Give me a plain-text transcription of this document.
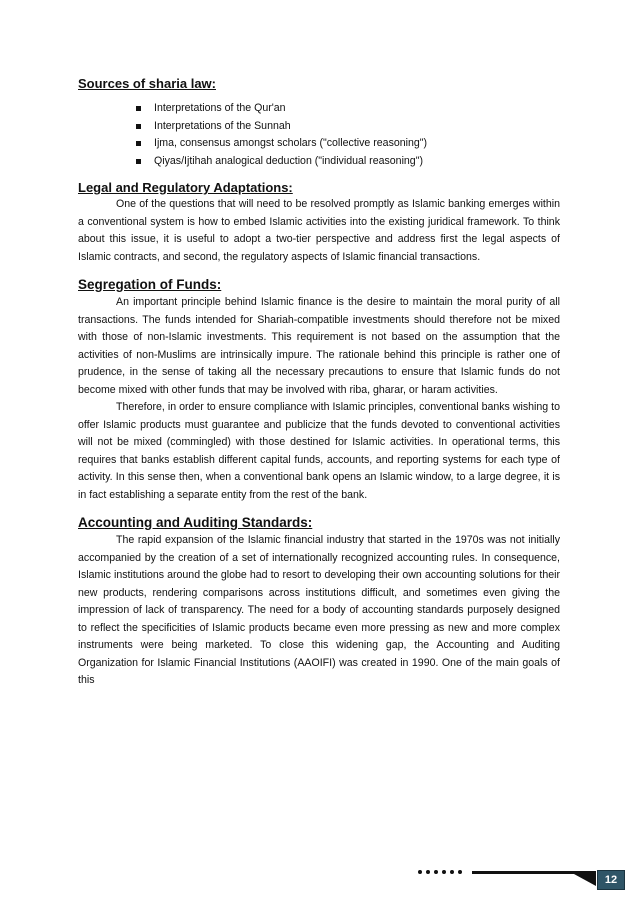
Sources of sharia law:
Interpretations of the Qur'an
Interpretations of the Sunnah
Ijma, consensus amongst scholars ("collective reasoning")
Qiyas/Ijtihah analogical deduction ("individual reasoning")
Legal and Regulatory Adaptations:

One of the questions that will need to be resolved promptly as Islamic banking emerges within a conventional system is how to embed Islamic activities into the existing juridical framework. To think about this issue, it is useful to adopt a two-tier perspective and address first the legal aspects of Islamic contracts, and second, the regulatory aspects of Islamic financial transactions.

Segregation of Funds:

An important principle behind Islamic finance is the desire to maintain the moral purity of all transactions. The funds intended for Shariah-compatible investments should therefore not be mixed with those of non-Islamic investments. This requirement is not based on the assumption that the activities of non-Muslims are intrinsically impure. The rationale behind this principle is rather one of prudence, in the sense of taking all the necessary precautions to ensure that Islamic funds do not become mixed with other funds that may be involved with riba, gharar, or haram activities.

Therefore, in order to ensure compliance with Islamic principles, conventional banks wishing to offer Islamic products must guarantee and publicize that the funds devoted to conventional activities will not be mixed (commingled) with those destined for Islamic activities. In operational terms, this requires that banks establish different capital funds, accounts, and reporting systems for each type of activity. In this sense then, when a conventional bank opens an Islamic window, to a large degree, it is in fact establishing a separate entity from the rest of the bank.

Accounting and Auditing Standards:

The rapid expansion of the Islamic financial industry that started in the 1970s was not initially accompanied by the creation of a set of internationally recognized accounting rules. In consequence, Islamic institutions around the globe had to resort to developing their own accounting solutions for their new products, rendering comparisons across institutions difficult, and sometimes even giving the impression of lack of transparency. The need for a body of accounting standards purposely designed to reflect the specificities of Islamic products became even more pressing as new and more complex instruments were being marketed. To close this widening gap, the Accounting and Auditing Organization for Islamic Financial Institutions (AAOIFI) was created in 1990. One of the main goals of this

12
